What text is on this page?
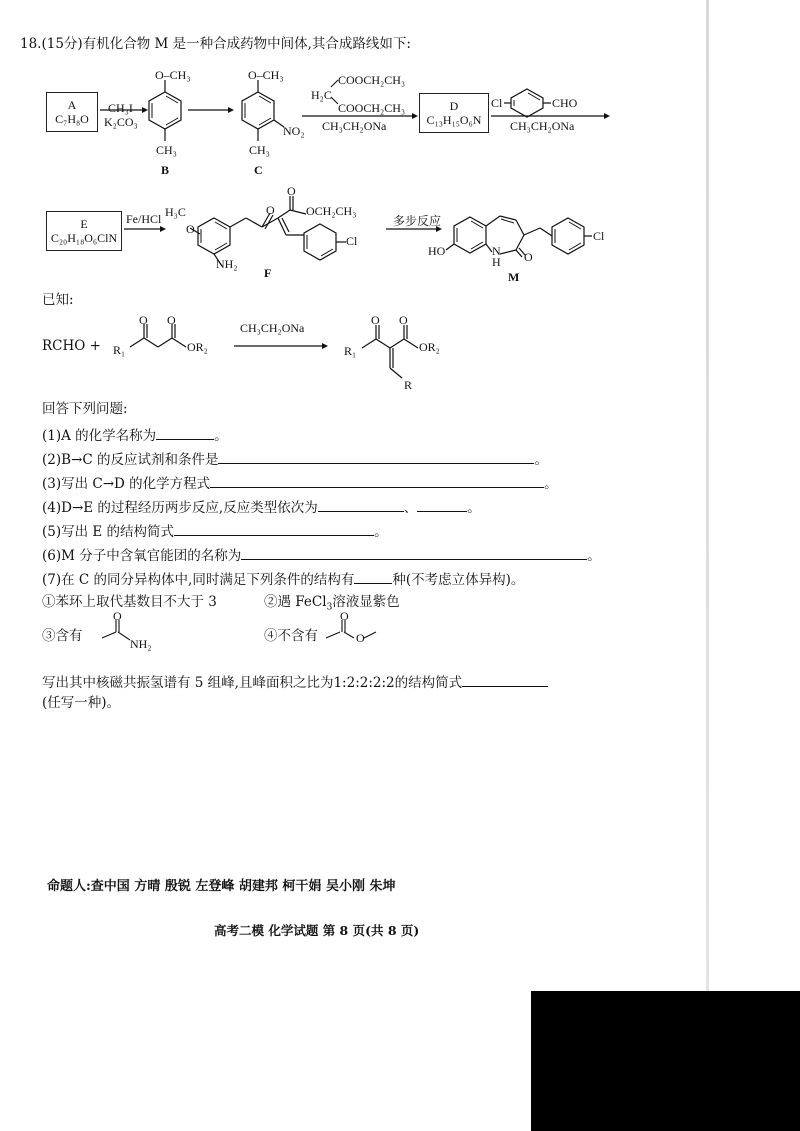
18.(15分)有机化合物 M 是一种合成药物中间体,其合成路线如下:
A
C₇H₈O
O–CH₃
CH₃
B
CH₃I
K₂CO₃
O–CH₃
NO₂
CH₃
C
COOCH₂CH₃
H₂C
COOCH₂CH₃
CH₃CH₂ONa
D
C₁₃H₁₅O₆N
Cl	CHO
CH₃CH₂ONa
E
C₂₀H₁₈O₆ClN
Fe/HCl H₃C
O
NH₂
F
O
O
OCH₂CH₃
Cl
多步反应
HO	N
H O
Cl
M
已知:
RCHO + R₁
O O
OR₂
CH₃CH₂ONa
R₁
O O
OR₂
R
回答下列问题:
(1)A 的化学名称为	。
(2)B→C 的反应试剂和条件是	。
(3)写出 C→D 的化学方程式	。
(4)D→E 的过程经历两步反应,反应类型依次为	、	。
(5)写出 E 的结构简式	。
(6)M 分子中含氧官能团的名称为	。
(7)在 C 的同分异构体中,同时满足下列条件的结构有	种(不考虑立体异构)。
①苯环上取代基数目不大于 3	②遇 FeCl$_3$溶液显紫色
③含有
O
NH₂	④不含有
O
O
写出其中核磁共振氢谱有 5 组峰,且峰面积之比为1:2:2:2:2的结构简式
(任写一种)。
命题人:查中国 方晴 殷锐 左登峰 胡建邦 柯干娟 吴小刚 朱坤
高考二模 化学试题 第 8 页(共 8 页)
